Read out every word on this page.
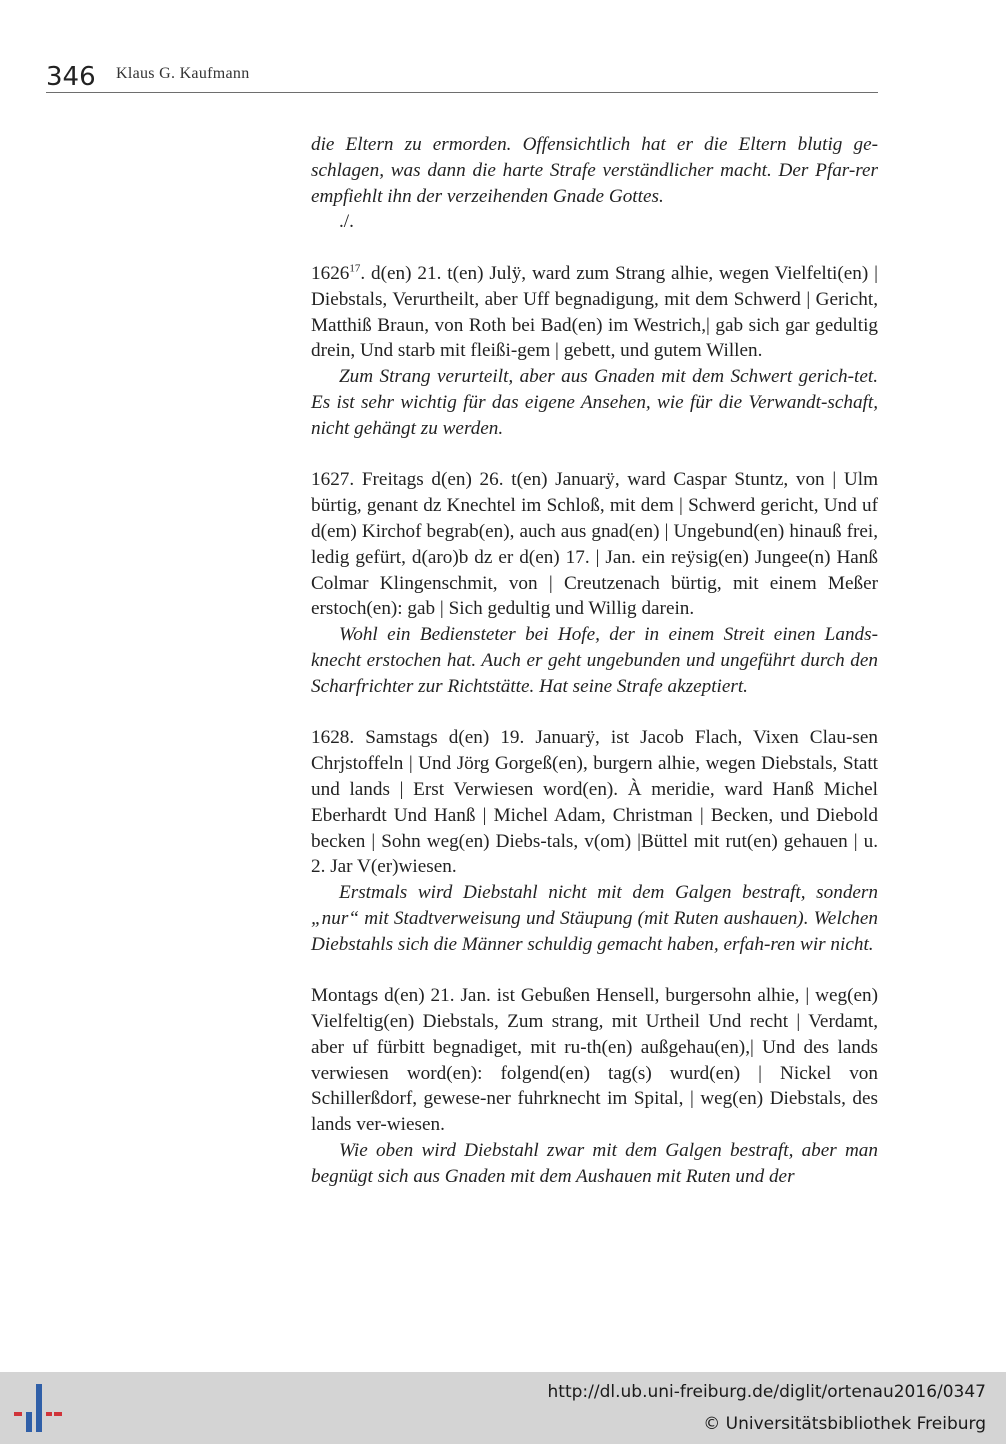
346 Klaus G. Kaufmann

die Eltern zu ermorden. Offensichtlich hat er die Eltern blutig ge-schlagen, was dann die harte Strafe verständlicher macht. Der Pfar-rer empfiehlt ihn der verzeihenden Gnade Gottes.

./.

1626$^{17}$. d(en) 21. t(en) Julÿ, ward zum Strang alhie, wegen Vielfelti(en) | Diebstals, Verurtheilt, aber Uff begnadigung, mit dem Schwerd | Gericht, Matthiß Braun, von Roth bei Bad(en) im Westrich,| gab sich gar gedultig drein, Und starb mit fleißi-gem | gebett, und gutem Willen.

Zum Strang verurteilt, aber aus Gnaden mit dem Schwert gerich-tet. Es ist sehr wichtig für das eigene Ansehen, wie für die Verwandt-schaft, nicht gehängt zu werden.

1627. Freitags d(en) 26. t(en) Januarÿ, ward Caspar Stuntz, von | Ulm bürtig, genant dz Knechtel im Schloß, mit dem | Schwerd gericht, Und uf d(em) Kirchof begrab(en), auch aus gnad(en) | Ungebund(en) hinauß frei, ledig gefürt, d(aro)b dz er d(en) 17. | Jan. ein reÿsig(en) Jungee(n) Hanß Colmar Klingenschmit, von | Creutzenach bürtig, mit einem Meßer erstoch(en): gab | Sich gedultig und Willig darein.

Wohl ein Bediensteter bei Hofe, der in einem Streit einen Lands-knecht erstochen hat. Auch er geht ungebunden und ungeführt durch den Scharfrichter zur Richtstätte. Hat seine Strafe akzeptiert.

1628. Samstags d(en) 19. Januarÿ, ist Jacob Flach, Vixen Clau-sen Chrjstoffeln | Und Jörg Gorgeß(en), burgern alhie, wegen Diebstals, Statt und lands | Erst Verwiesen word(en). À meridie, ward Hanß Michel Eberhardt Und Hanß | Michel Adam, Christman | Becken, und Diebold becken | Sohn weg(en) Diebs-tals, v(om) |Büttel mit rut(en) gehauen | u. 2. Jar V(er)wiesen.

Erstmals wird Diebstahl nicht mit dem Galgen bestraft, sondern „nur“ mit Stadtverweisung und Stäupung (mit Ruten aushauen). Welchen Diebstahls sich die Männer schuldig gemacht haben, erfah-ren wir nicht.

Montags d(en) 21. Jan. ist Gebußen Hensell, burgersohn alhie, | weg(en) Vielfeltig(en) Diebstals, Zum strang, mit Urtheil Und recht | Verdamt, aber uf fürbitt begnadiget, mit ru-th(en) außgehau(en),| Und des lands verwiesen word(en): folgend(en) tag(s) wurd(en) | Nickel von Schillerßdorf, gewese-ner fuhrknecht im Spital, | weg(en) Diebstals, des lands ver-wiesen.

Wie oben wird Diebstahl zwar mit dem Galgen bestraft, aber man begnügt sich aus Gnaden mit dem Aushauen mit Ruten und der

http://dl.ub.uni-freiburg.de/diglit/ortenau2016/0347
© Universitätsbibliothek Freiburg
